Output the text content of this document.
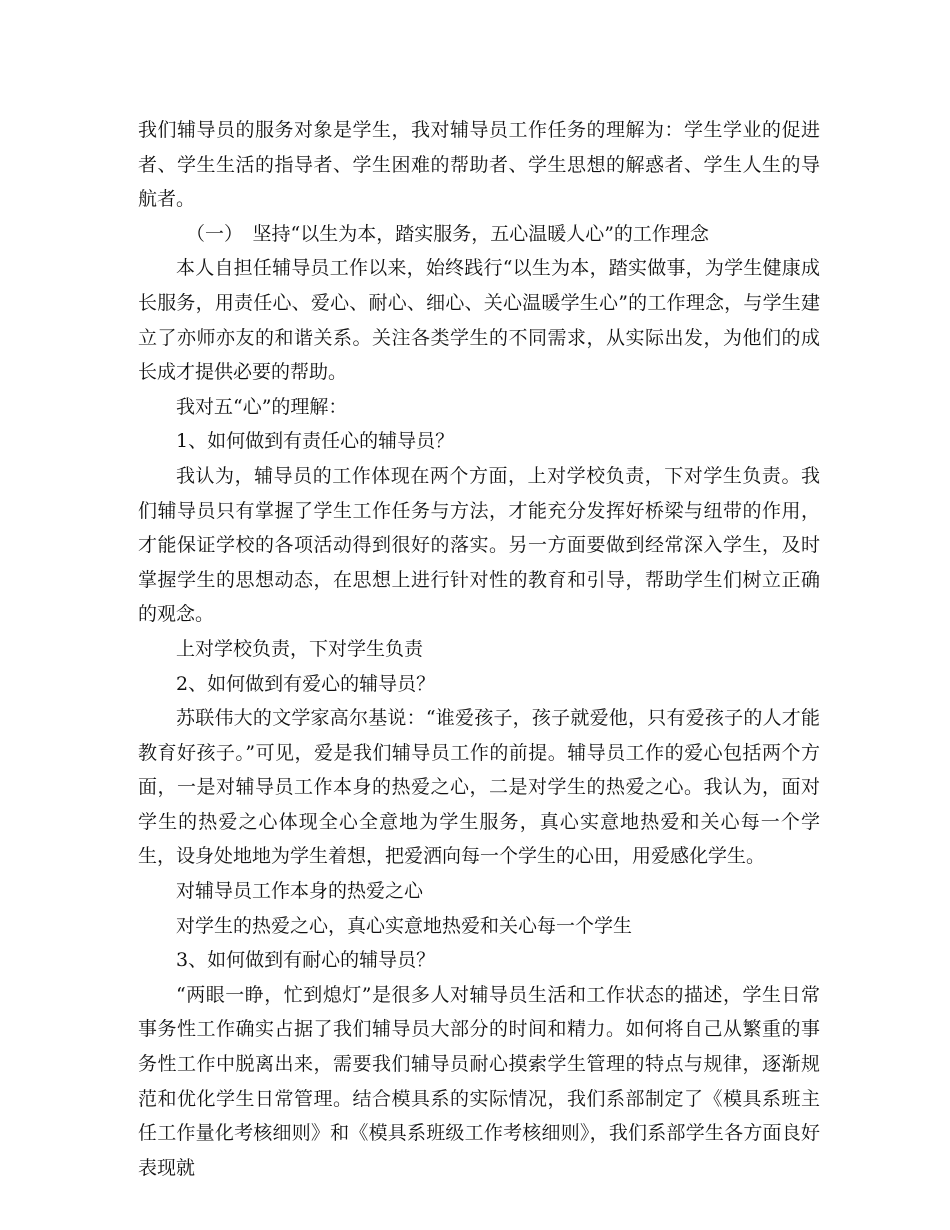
我们辅导员的服务对象是学生，我对辅导员工作任务的理解为：学生学业的促进者、学生生活的指导者、学生困难的帮助者、学生思想的解惑者、学生人生的导航者。

（一）　坚持“以生为本，踏实服务，五心温暖人心”的工作理念

本人自担任辅导员工作以来，始终践行“以生为本，踏实做事，为学生健康成长服务，用责任心、爱心、耐心、细心、关心温暖学生心”的工作理念，与学生建立了亦师亦友的和谐关系。关注各类学生的不同需求，从实际出发，为他们的成长成才提供必要的帮助。

我对五“心”的理解：

1、如何做到有责任心的辅导员？

我认为，辅导员的工作体现在两个方面，上对学校负责，下对学生负责。我们辅导员只有掌握了学生工作任务与方法，才能充分发挥好桥梁与纽带的作用，才能保证学校的各项活动得到很好的落实。另一方面要做到经常深入学生，及时掌握学生的思想动态，在思想上进行针对性的教育和引导，帮助学生们树立正确的观念。

上对学校负责，下对学生负责

2、如何做到有爱心的辅导员？

苏联伟大的文学家高尔基说：“谁爱孩子，孩子就爱他，只有爱孩子的人才能教育好孩子。”可见，爱是我们辅导员工作的前提。辅导员工作的爱心包括两个方面，一是对辅导员工作本身的热爱之心，二是对学生的热爱之心。我认为，面对学生的热爱之心体现全心全意地为学生服务，真心实意地热爱和关心每一个学生，设身处地地为学生着想，把爱洒向每一个学生的心田，用爱感化学生。

对辅导员工作本身的热爱之心

对学生的热爱之心，真心实意地热爱和关心每一个学生

3、如何做到有耐心的辅导员？

“两眼一睁，忙到熄灯”是很多人对辅导员生活和工作状态的描述，学生日常事务性工作确实占据了我们辅导员大部分的时间和精力。如何将自己从繁重的事务性工作中脱离出来，需要我们辅导员耐心摸索学生管理的特点与规律，逐渐规范和优化学生日常管理。结合模具系的实际情况，我们系部制定了《模具系班主任工作量化考核细则》和《模具系班级工作考核细则》，我们系部学生各方面良好表现就
